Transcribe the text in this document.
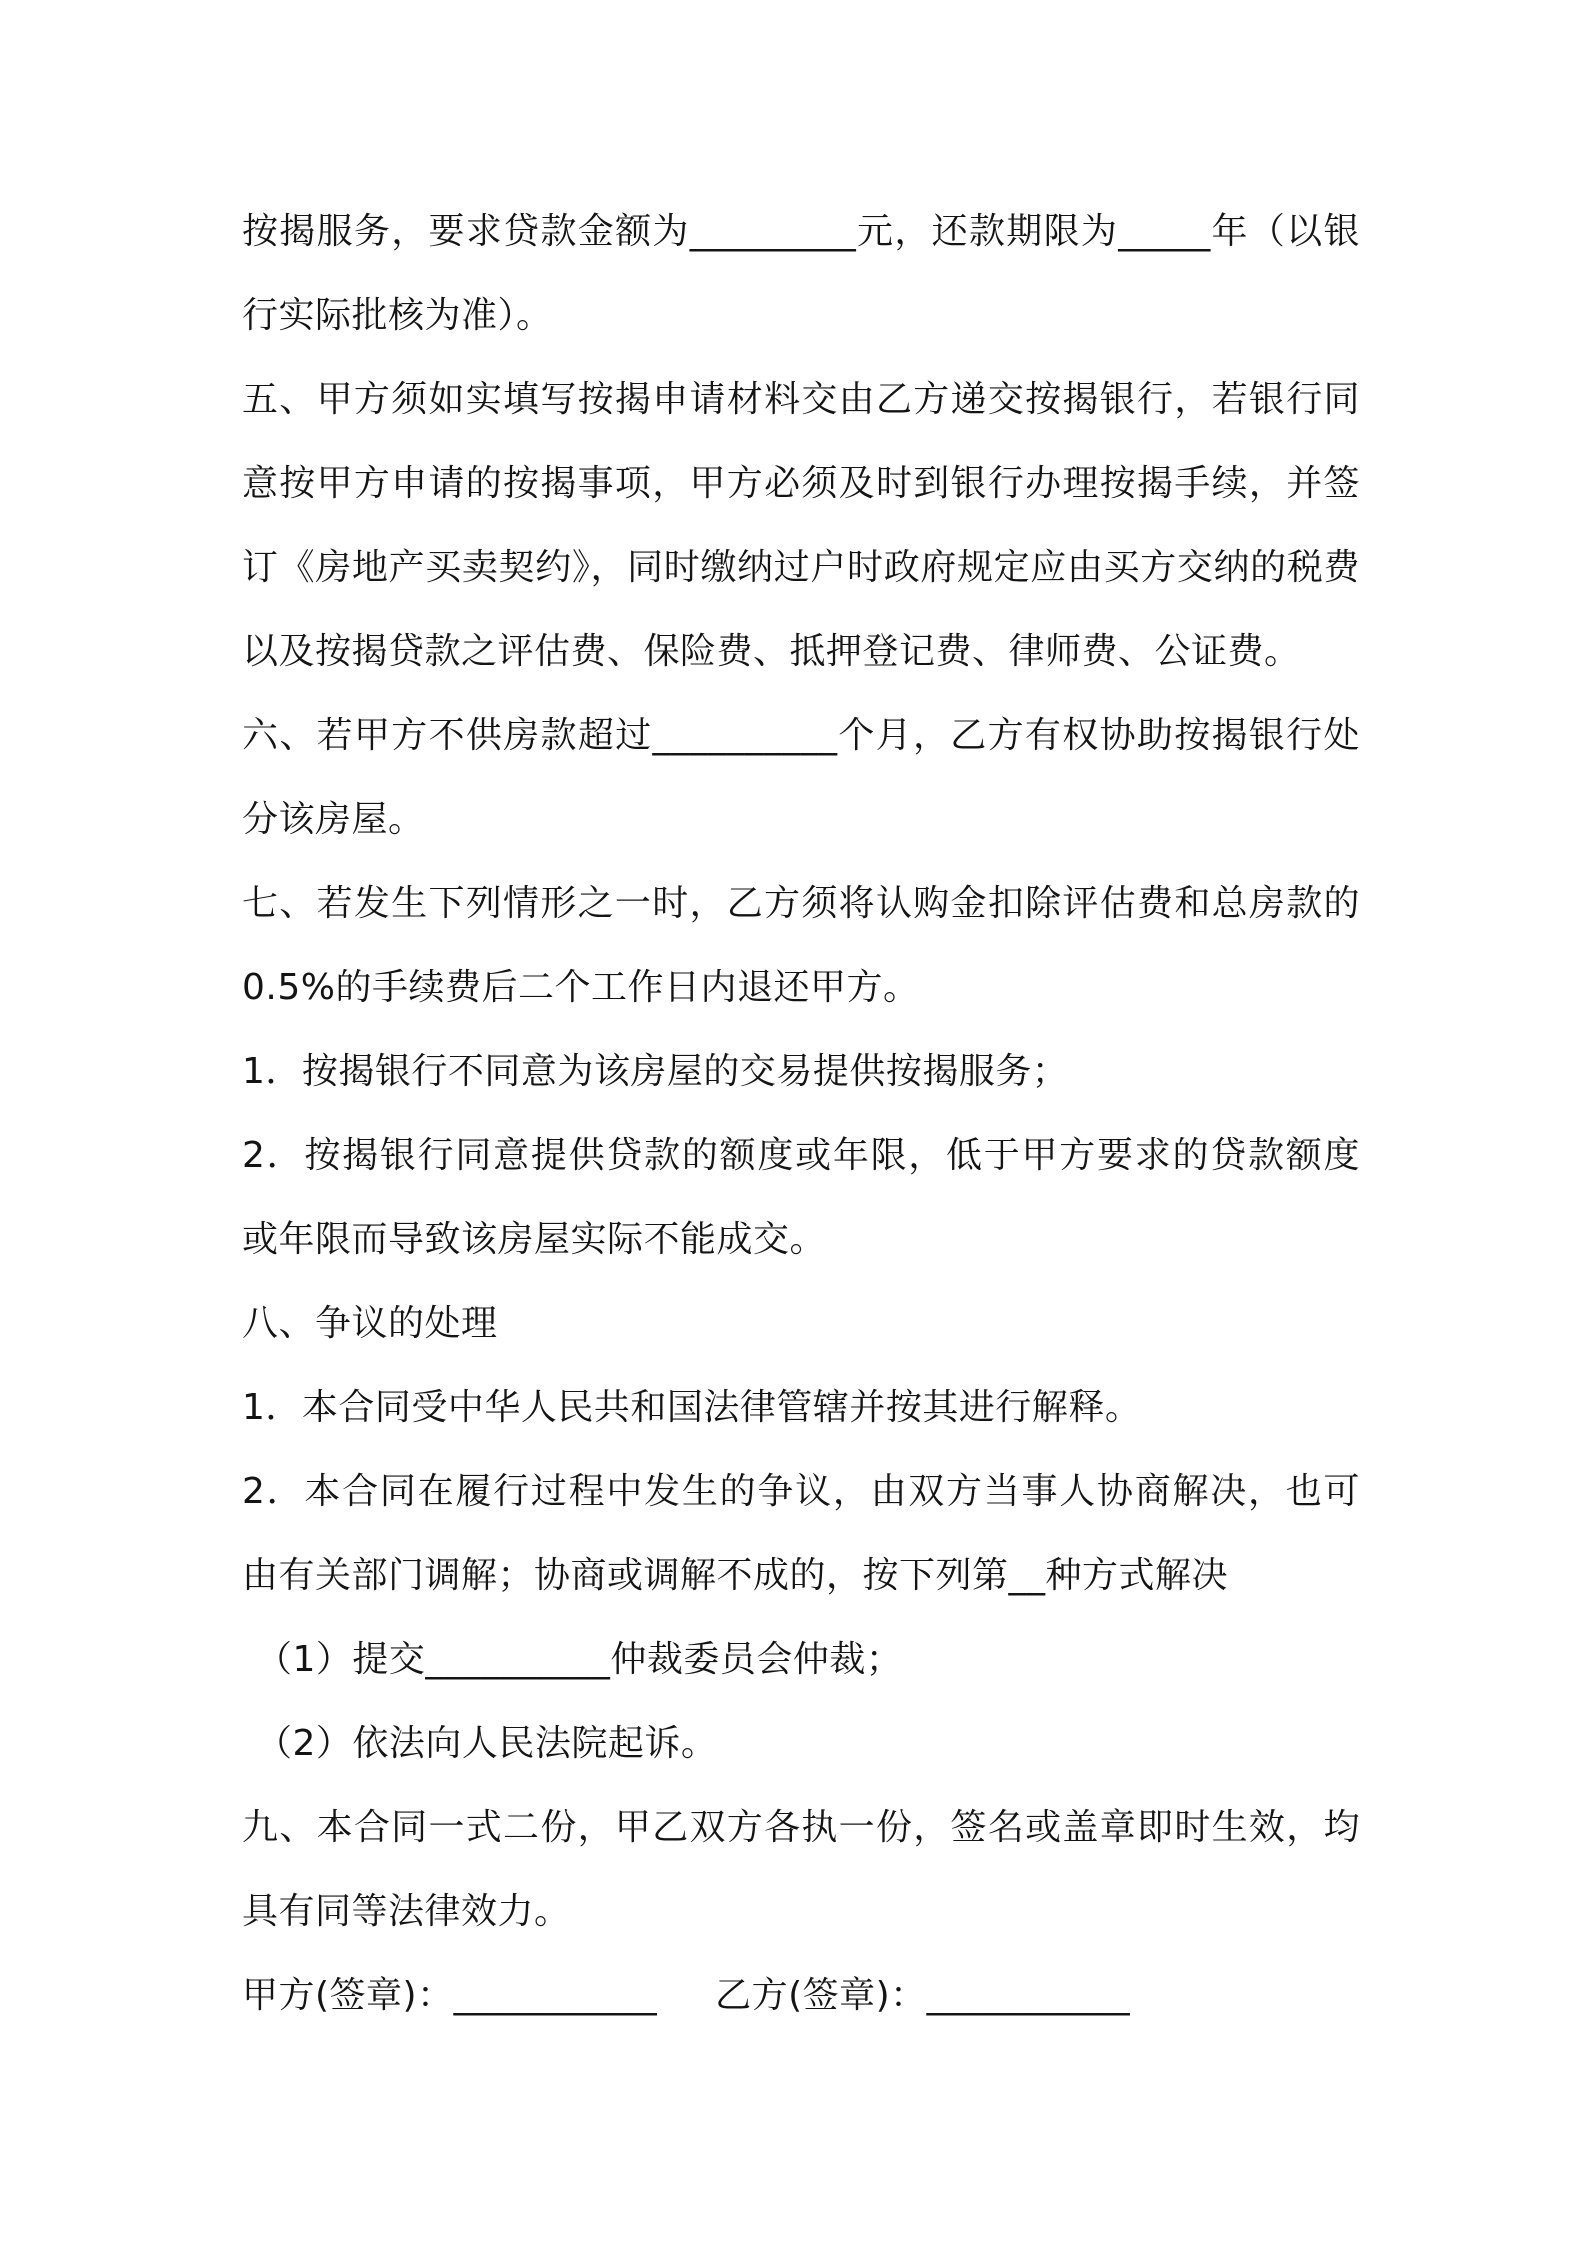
按揭服务，要求贷款金额为_________元，还款期限为_____年（以银行实际批核为准）。

五、甲方须如实填写按揭申请材料交由乙方递交按揭银行，若银行同意按甲方申请的按揭事项，甲方必须及时到银行办理按揭手续，并签订《房地产买卖契约》，同时缴纳过户时政府规定应由买方交纳的税费以及按揭贷款之评估费、保险费、抵押登记费、律师费、公证费。

六、若甲方不供房款超过__________个月，乙方有权协助按揭银行处分该房屋。

七、若发生下列情形之一时，乙方须将认购金扣除评估费和总房款的0.5%的手续费后二个工作日内退还甲方。

1．按揭银行不同意为该房屋的交易提供按揭服务；

2．按揭银行同意提供贷款的额度或年限，低于甲方要求的贷款额度或年限而导致该房屋实际不能成交。

八、争议的处理

1．本合同受中华人民共和国法律管辖并按其进行解释。

2．本合同在履行过程中发生的争议，由双方当事人协商解决，也可由有关部门调解；协商或调解不成的，按下列第__种方式解决

（1）提交__________仲裁委员会仲裁；

（2）依法向人民法院起诉。

九、本合同一式二份，甲乙双方各执一份，签名或盖章即时生效，均具有同等法律效力。

甲方(签章)：___________ 乙方(签章)：___________
